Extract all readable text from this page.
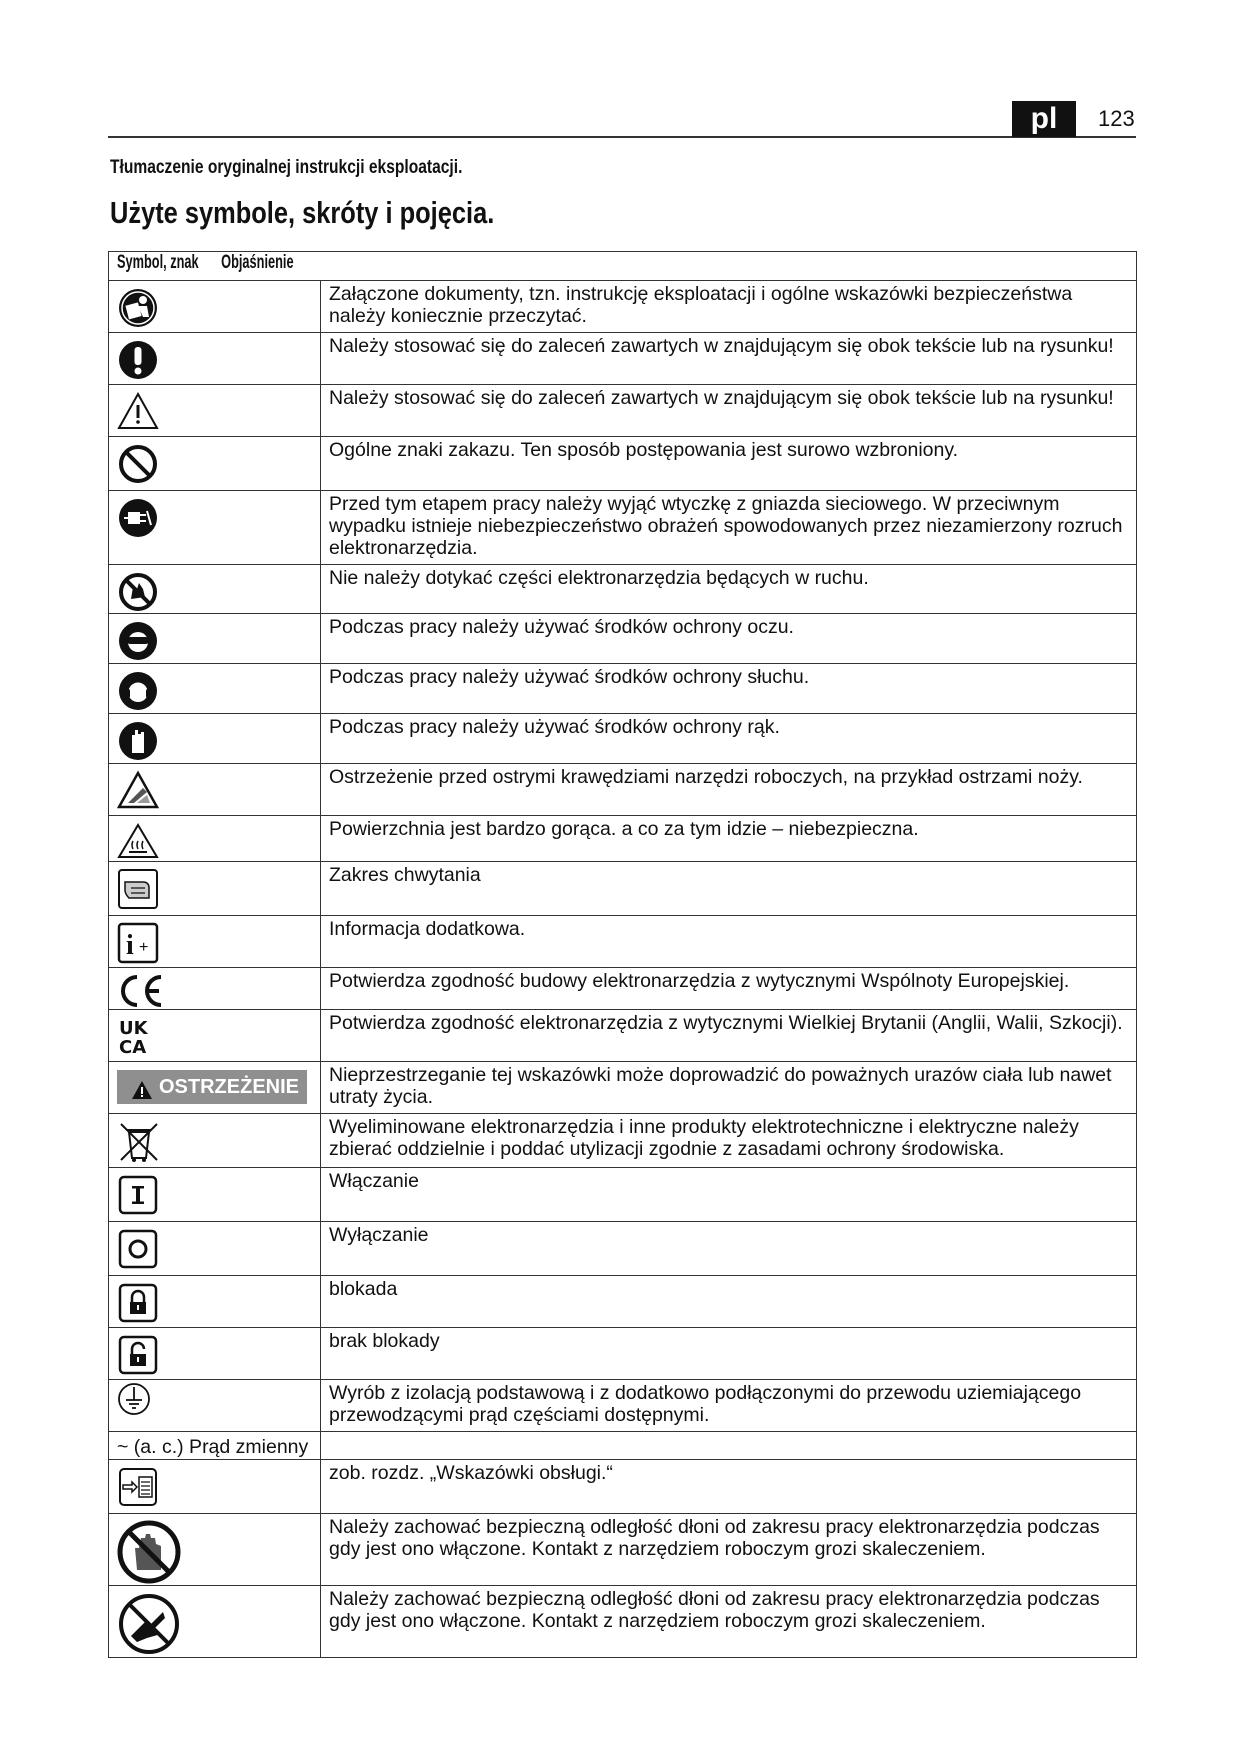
pl	123
Tłumaczenie oryginalnej instrukcji eksploatacji.
Użyte symbole, skróty i pojęcia.
Symbol, znak Objaśnienie	

	Załączone dokumenty, tzn. instrukcję eksploatacji i ogólne wskazówki bezpieczeństwa należy koniecznie przeczytać.

	Należy stosować się do zaleceń zawartych w znajdującym się obok tekście lub na rysunku!

	Należy stosować się do zaleceń zawartych w znajdującym się obok tekście lub na rysunku!

	Ogólne znaki zakazu. Ten sposób postępowania jest surowo wzbroniony.

	Przed tym etapem pracy należy wyjąć wtyczkę z gniazda sieciowego. W przeciwnym wypadku istnieje niebezpieczeństwo obrażeń spowodowanych przez niezamierzony rozruch elektronarzędzia.

	Nie należy dotykać części elektronarzędzia będących w ruchu.

	Podczas pracy należy używać środków ochrony oczu.

	Podczas pracy należy używać środków ochrony słuchu.

	Podczas pracy należy używać środków ochrony rąk.

	Ostrzeżenie przed ostrymi krawędziami narzędzi roboczych, na przykład ostrzami noży.

	Powierzchnia jest bardzo gorąca. a co za tym idzie – niebezpieczna.

	Zakres chwytania

i +	Informacja dodatkowa.

	Potwierdza zgodność budowy elektronarzędzia z wytycznymi Wspólnoty Europejskiej.

UK
CA	Potwierdza zgodność elektronarzędzia z wytycznymi Wielkiej Brytanii (Anglii, Walii, Szkocji).

OSTRZEŻENIE	Nieprzestrzeganie tej wskazówki może doprowadzić do poważnych urazów ciała lub nawet utraty życia.

	Wyeliminowane elektronarzędzia i inne produkty elektrotechniczne i elektryczne należy zbierać oddzielnie i poddać utylizacji zgodnie z zasadami ochrony środowiska.

	Włączanie

	Wyłączanie

	blokada

	brak blokady

	Wyrób z izolacją podstawową i z dodatkowo podłączonymi do przewodu uziemiającego przewodzącymi prąd częściami dostępnymi.
~ (a. c.) Prąd zmienny	

	zob. rozdz. „Wskazówki obsługi.“

	Należy zachować bezpieczną odległość dłoni od zakresu pracy elektronarzędzia podczas gdy jest ono włączone. Kontakt z narzędziem roboczym grozi skaleczeniem.

	Należy zachować bezpieczną odległość dłoni od zakresu pracy elektronarzędzia podczas gdy jest ono włączone. Kontakt z narzędziem roboczym grozi skaleczeniem.
